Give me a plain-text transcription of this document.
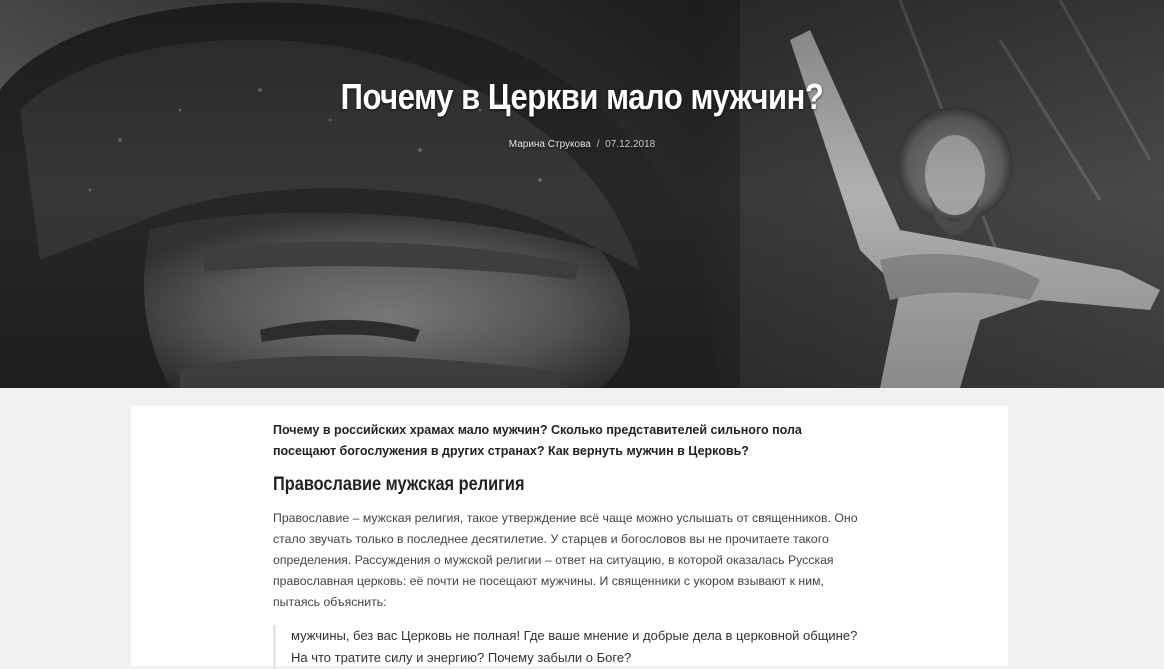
Почему в Церкви мало мужчин?
Марина Струкова / 07.12.2018

Почему в российских храмах мало мужчин? Сколько представителей сильного пола посещают богослужения в других странах? Как вернуть мужчин в Церковь?

Православие мужская религия

Православие – мужская религия, такое утверждение всё чаще можно услышать от священников. Оно стало звучать только в последнее десятилетие. У старцев и богословов вы не прочитаете такого определения. Рассуждения о мужской религии – ответ на ситуацию, в которой оказалась Русская православная церковь: её почти не посещают мужчины. И священники с укором взывают к ним, пытаясь объяснить:

мужчины, без вас Церковь не полная! Где ваше мнение и добрые дела в церковной общине? На что тратите силу и энергию? Почему забыли о Боге?
